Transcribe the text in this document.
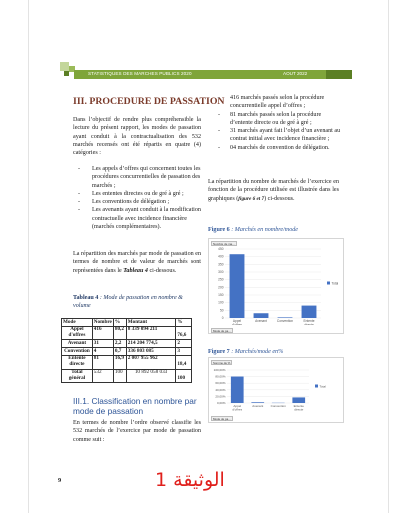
STATISTIQUES DES MARCHES PUBLICS 2020	AOUT 2022
III. PROCEDURE DE PASSATION

Dans l’objectif de rendre plus compréhensible la lecture du présent rapport, les modes de passation ayant conduit à la contractualisation des 532 marchés recensés ont été répartis en quatre (4) catégories :

- Les appels d’offres qui concernent toutes les procédures concurrentielles de passation des marchés ;
- Les ententes directes ou de gré à gré ;
- Les conventions de délégation ;
- Les avenants ayant conduit à la modification contractuelle avec incidence financière (marchés complémentaires).

La répartition des marchés par mode de passation en termes de nombre et de valeur de marchés sont représentées dans le Tableau 4 ci-dessous.

Tableau 4 : Mode de passation en nombre & volume

Mode	Nombre	%	Montant	%
Appel d'offres	416	80,2	8 339 094 211	76,6
Avenant	31	2,2	214 204 774,5	2
Convention	4	0,7	336 803 085	3
Entente directe	81	16,9	2 007 955 962	18,4
Total général	532	100	10 892 058 033	100
III.1. Classification en nombre par mode de passation

En termes de nombre l’ordre observé classifie les 532 marchés de l’exercice par mode de passation comme suit :

الوثيقة 1
9
- 416 marchés passés selon la procédure concurrentielle appel d’offres ;
- 81 marchés passés selon la procédure d’entente directe ou de gré à gré ;
- 31 marchés ayant fait l’objet d’un avenant au contrat initial avec incidence financière ;
- 04 marchés de convention de délégation.

La répartition du nombre de marchés de l’exercice en fonction de la procédure utilisée est illustrée dans les graphiques (figure 6 et 7) ci-dessous.

Figure 6 : Marchés en nombre/mode

Nombre de ma...
0
50
100
150
200
250
300
350
400
450
Appel
d'offres
Avenant	Convention	Entente
directe
Total
Mode de pa...

Figure 7 : Marchés/mode en%

Somme de %
0,00%
20,00%
40,00%
60,00%
80,00%
100,00%
Appel
d'offres
Avenant Convention	Entente
directe
Total
Mode de pa...
